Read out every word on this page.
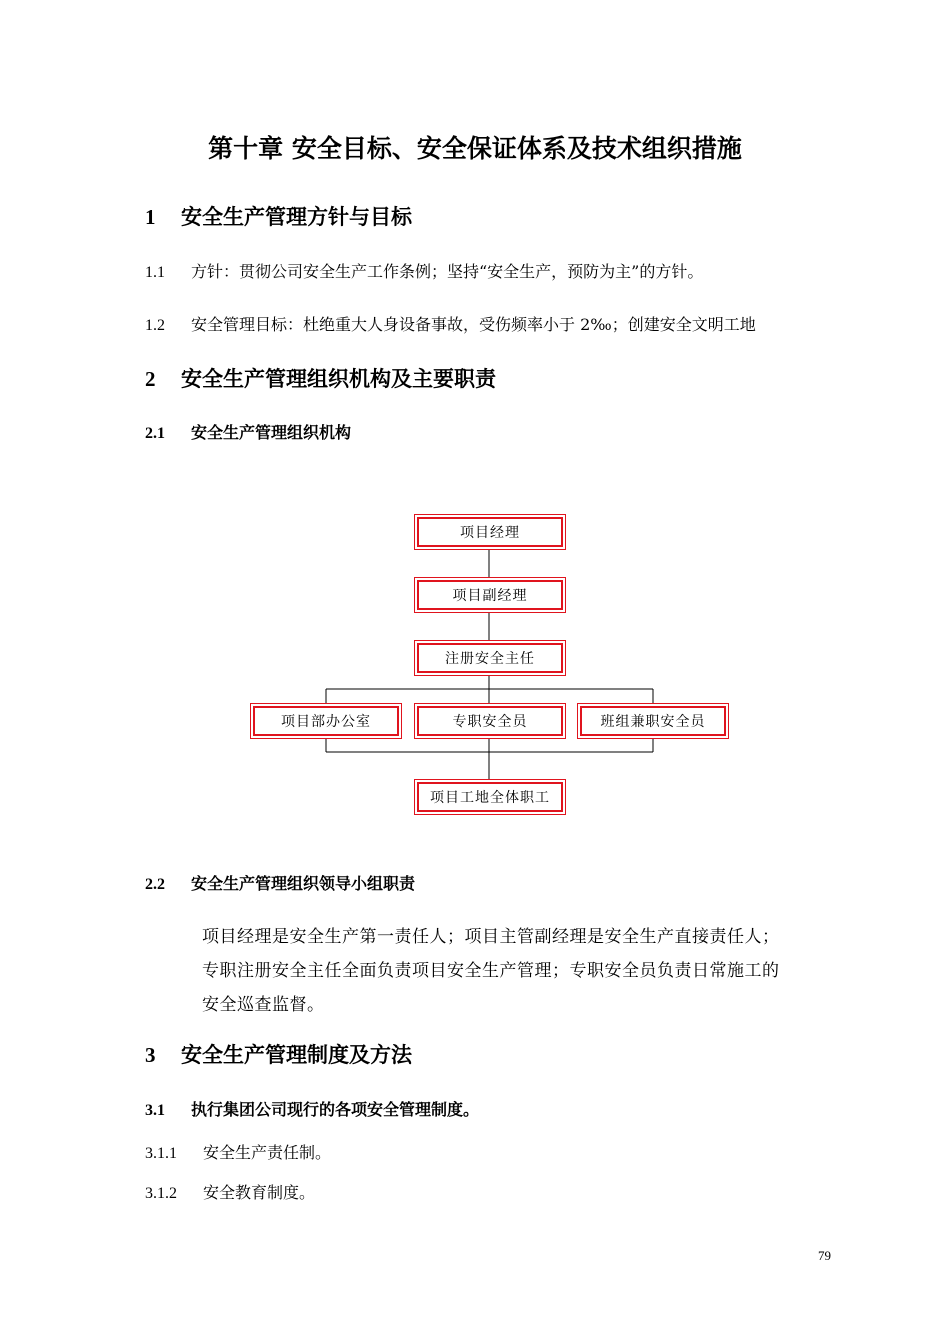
第十章 安全目标、安全保证体系及技术组织措施
1 安全生产管理方针与目标
1.1 方针：贯彻公司安全生产工作条例；坚持“安全生产，预防为主”的方针。
1.2 安全管理目标：杜绝重大人身设备事故，受伤频率小于 2‰；创建安全文明工地
2 安全生产管理组织机构及主要职责
2.1 安全生产管理组织机构
项目经理
项目副经理
注册安全主任
项目部办公室	专职安全员	班组兼职安全员
项目工地全体职工
2.2 安全生产管理组织领导小组职责
项目经理是安全生产第一责任人；项目主管副经理是安全生产直接责任人；
专职注册安全主任全面负责项目安全生产管理；专职安全员负责日常施工的
安全巡查监督。
3 安全生产管理制度及方法
3.1 执行集团公司现行的各项安全管理制度。
3.1.1 安全生产责任制。
3.1.2 安全教育制度。
79
